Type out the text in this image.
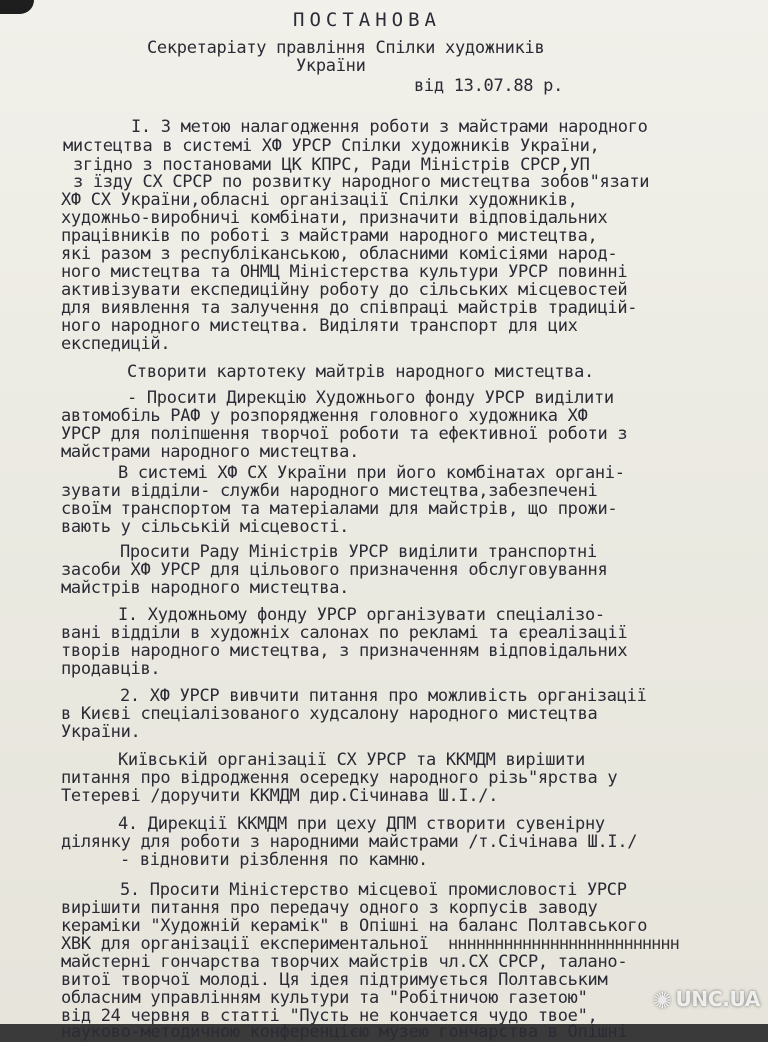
ПОСТАНОВА
Секретаріату правління Спілки художників
України
від 13.07.88 р.
І. З метою налагодження роботи з майстрами народного
мистецтва в системі ХФ УРСР Спілки художників України,
згідно з постановами ЦК КПРС, Ради Міністрів СРСР,УП
з їзду СХ СРСР по розвитку народного мистецтва зобов"язати
ХФ СХ України,обласні організації Спілки художників,
художньо-виробничі комбінати, призначити відповідальних
працівників по роботі з майстрами народного мистецтва,
які разом з республіканською, обласними комісіями народ-
ного мистецтва та ОНМЦ Міністерства культури УРСР повинні
активізувати експедиційну роботу до сільських місцевостей
для виявлення та залучення до співпраці майстрів традицій-
ного народного мистецтва. Виділяти транспорт для цих
експедицій.
Створити картотеку майтрів народного мистецтва.
- Просити Дирекцію Художнього фонду УРСР виділити
автомобіль РАФ у розпорядження головного художника ХФ
УРСР для поліпшення творчої роботи та ефективної роботи з
майстрами народного мистецтва.
В системі ХФ СХ України при його комбінатах органі-
зувати відділи- служби народного мистецтва,забезпечені
своїм транспортом та матеріалами для майстрів, що прожи-
вають у сільській місцевості.
Просити Раду Міністрів УРСР виділити транспортні
засоби ХФ УРСР для цільового призначення обслуговування
майстрів народного мистецтва.
І. Художньому фонду УРСР організувати спеціалізо-
вані відділи в художніх салонах по рекламі та єреалізації
творів народного мистецтва, з призначенням відповідальних
продавців.
2. ХФ УРСР вивчити питання про можливість організації
в Києві спеціалізованого худсалону народного мистецтва
України.
Київській організації СХ УРСР та ККМДМ вирішити
питання про відродження осередку народного різь"ярства у
Тетереві /доручити ККМДМ дир.Січинава Ш.І./.
4. Дирекції ККМДМ при цеху ДПМ створити сувенірну
ділянку для роботи з народними майстрами /т.Січінава Ш.І./
- відновити різблення по камню.
5. Просити Міністерство місцевої промисловості УРСР
вирішити питання про передачу одного з корпусів заводу
кераміки "Художній керамік" в Опішні на баланс Полтавського
ХВК для організації експериментальної ннннннннннннннннннннннннн
майстерні гончарства творчих майстрів чл.СХ СРСР, талано-
витої творчої молоді. Ця ідея підтримується Полтавським
обласним управлінням культури та "Робітничою газетою"
від 24 червня в статті "Пусть не кончается чудо твое",
науково-методичною конференцією музею гончарства в Опішні
✺ UNC.UA
